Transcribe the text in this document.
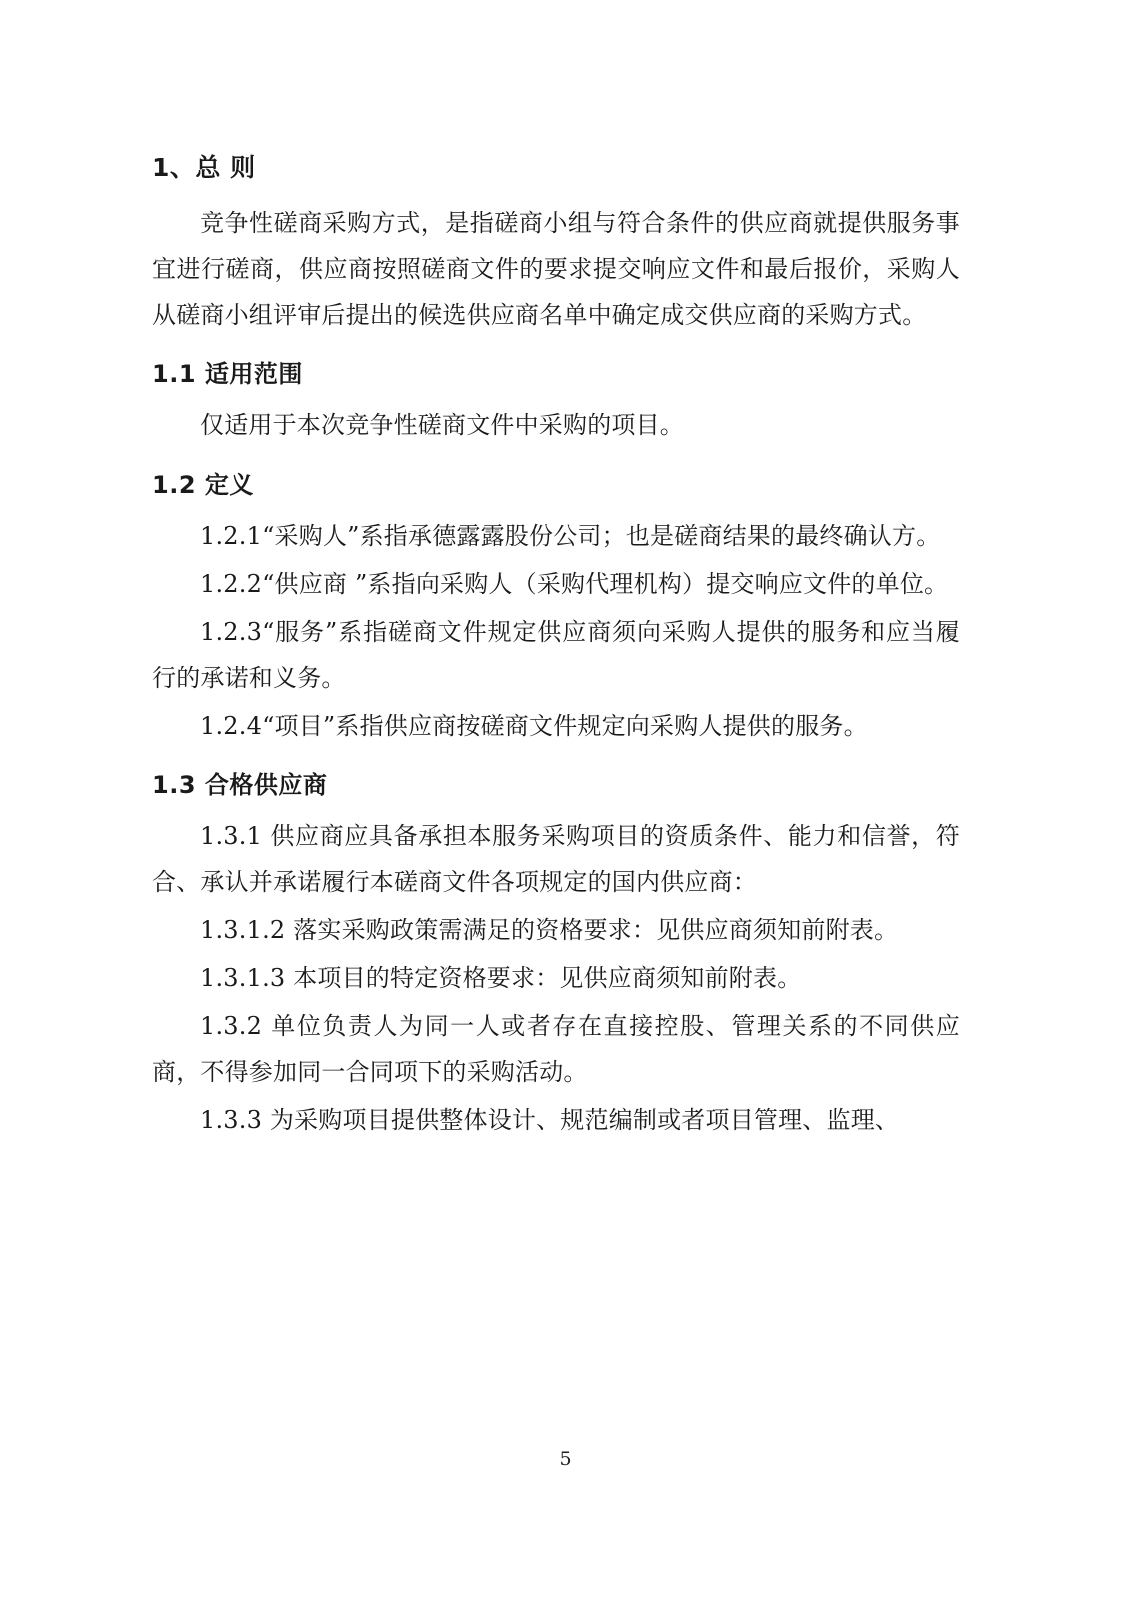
1、总 则

竞争性磋商采购方式，是指磋商小组与符合条件的供应商就提供服务事宜进行磋商，供应商按照磋商文件的要求提交响应文件和最后报价，采购人从磋商小组评审后提出的候选供应商名单中确定成交供应商的采购方式。

1.1 适用范围

仅适用于本次竞争性磋商文件中采购的项目。

1.2 定义

1.2.1“采购人”系指承德露露股份公司；也是磋商结果的最终确认方。

1.2.2“供应商 ”系指向采购人（采购代理机构）提交响应文件的单位。

1.2.3“服务”系指磋商文件规定供应商须向采购人提供的服务和应当履行的承诺和义务。

1.2.4“项目”系指供应商按磋商文件规定向采购人提供的服务。

1.3 合格供应商

1.3.1 供应商应具备承担本服务采购项目的资质条件、能力和信誉，符合、承认并承诺履行本磋商文件各项规定的国内供应商：

1.3.1.2 落实采购政策需满足的资格要求：见供应商须知前附表。

1.3.1.3 本项目的特定资格要求：见供应商须知前附表。

1.3.2 单位负责人为同一人或者存在直接控股、管理关系的不同供应商，不得参加同一合同项下的采购活动。

1.3.3 为采购项目提供整体设计、规范编制或者项目管理、监理、

5
